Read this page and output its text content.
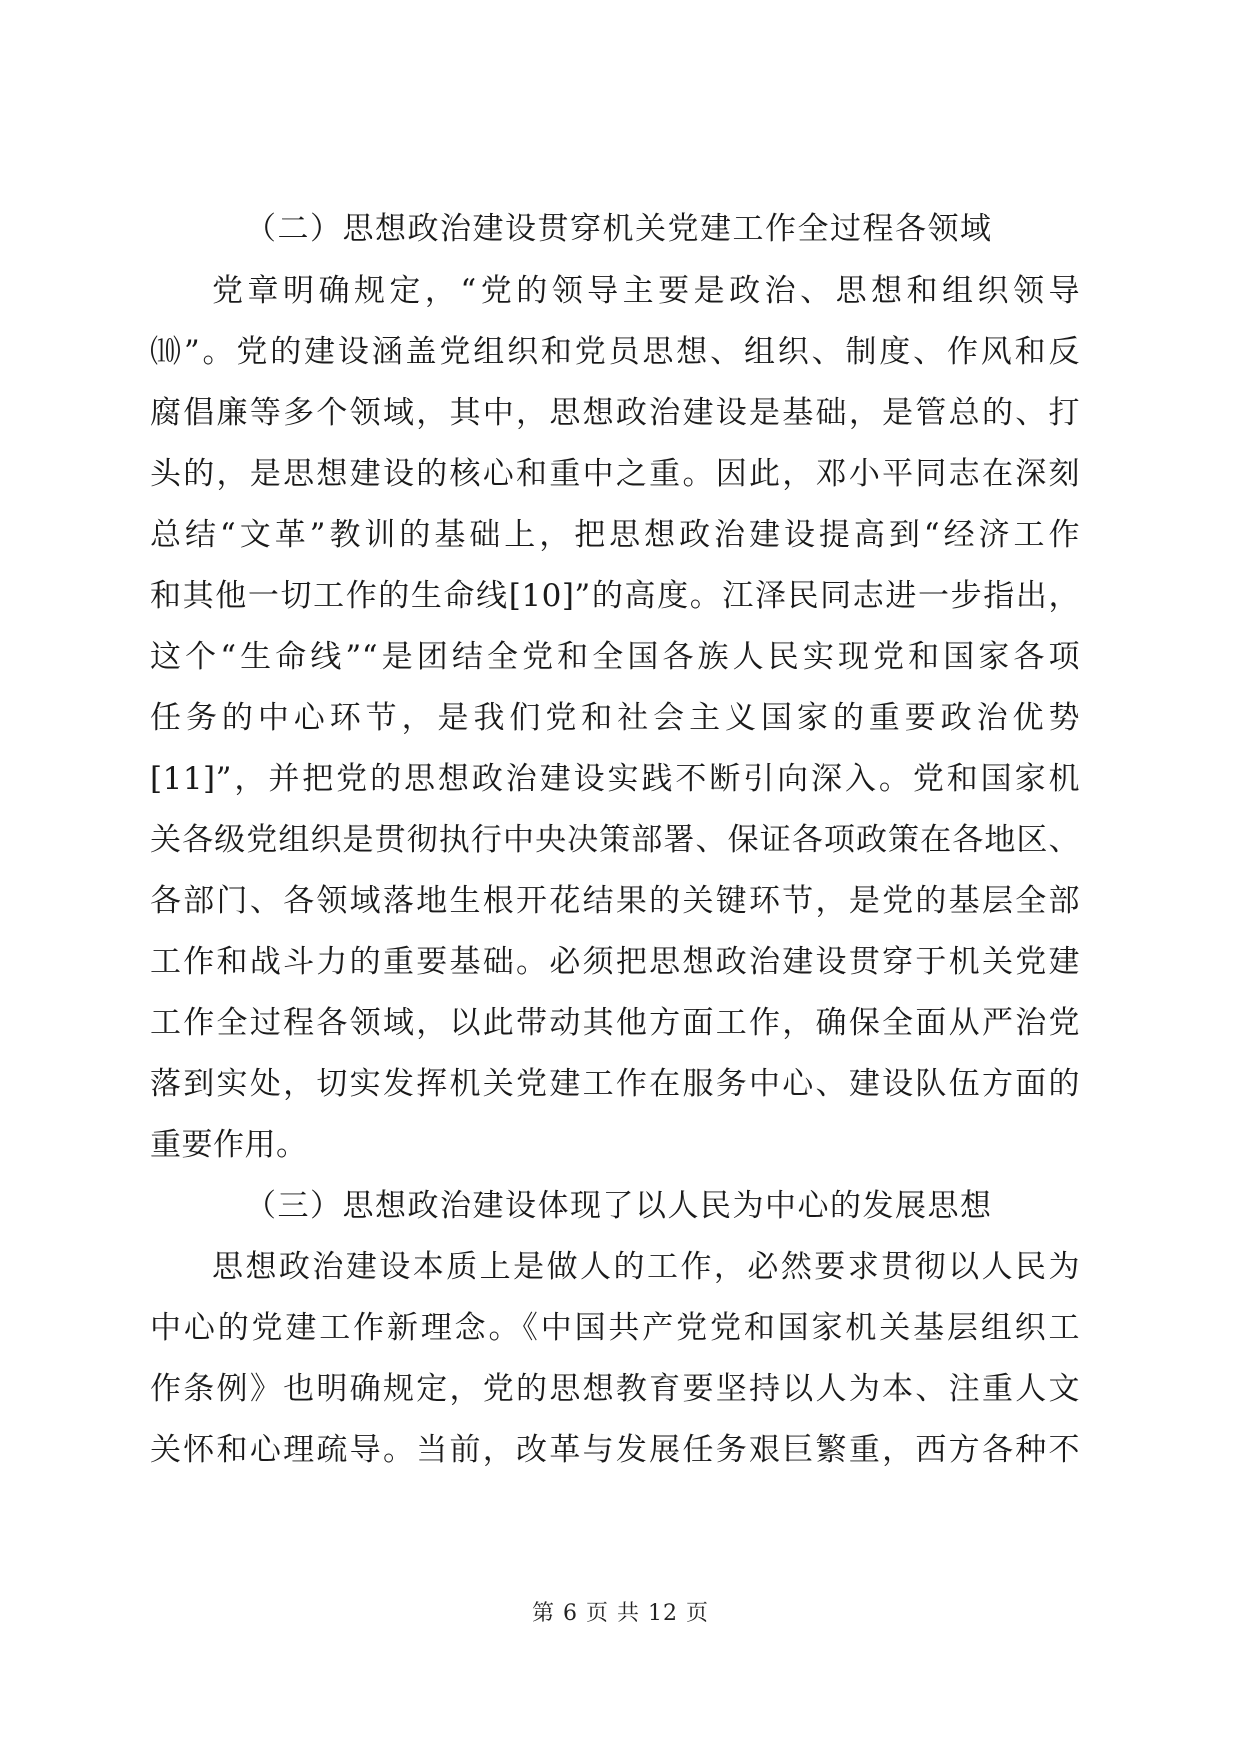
（二）思想政治建设贯穿机关党建工作全过程各领域
党章明确规定，“党的领导主要是政治、思想和组织领导
⑽”。党的建设涵盖党组织和党员思想、组织、制度、作风和反
腐倡廉等多个领域，其中，思想政治建设是基础，是管总的、打
头的，是思想建设的核心和重中之重。因此，邓小平同志在深刻
总结“文革”教训的基础上，把思想政治建设提高到“经济工作
和其他一切工作的生命线[10]”的高度。江泽民同志进一步指出，
这个“生命线”“是团结全党和全国各族人民实现党和国家各项
任务的中心环节，是我们党和社会主义国家的重要政治优势
[11]”，并把党的思想政治建设实践不断引向深入。党和国家机
关各级党组织是贯彻执行中央决策部署、保证各项政策在各地区、
各部门、各领域落地生根开花结果的关键环节，是党的基层全部
工作和战斗力的重要基础。必须把思想政治建设贯穿于机关党建
工作全过程各领域，以此带动其他方面工作，确保全面从严治党
落到实处，切实发挥机关党建工作在服务中心、建设队伍方面的
重要作用。
（三）思想政治建设体现了以人民为中心的发展思想
思想政治建设本质上是做人的工作，必然要求贯彻以人民为
中心的党建工作新理念。《中国共产党党和国家机关基层组织工
作条例》也明确规定，党的思想教育要坚持以人为本、注重人文
关怀和心理疏导。当前，改革与发展任务艰巨繁重，西方各种不
第 6 页 共 12 页
